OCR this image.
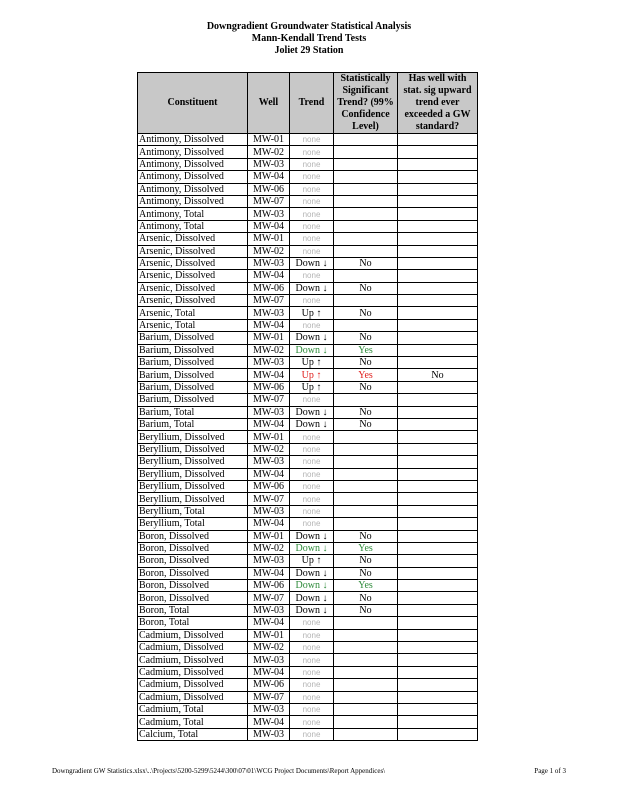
Downgradient Groundwater Statistical Analysis
Mann-Kendall Trend Tests
Joliet 29 Station
Constituent	Well	Trend	Statistically Significant Trend? (99% Confidence Level)	Has well with stat. sig upward trend ever exceeded a GW standard?
Antimony, Dissolved	MW-01	none		
Antimony, Dissolved	MW-02	none		
Antimony, Dissolved	MW-03	none		
Antimony, Dissolved	MW-04	none		
Antimony, Dissolved	MW-06	none		
Antimony, Dissolved	MW-07	none		
Antimony, Total	MW-03	none		
Antimony, Total	MW-04	none		
Arsenic, Dissolved	MW-01	none		
Arsenic, Dissolved	MW-02	none		
Arsenic, Dissolved	MW-03	Down ↓	No	
Arsenic, Dissolved	MW-04	none		
Arsenic, Dissolved	MW-06	Down ↓	No	
Arsenic, Dissolved	MW-07	none		
Arsenic, Total	MW-03	Up ↑	No	
Arsenic, Total	MW-04	none		
Barium, Dissolved	MW-01	Down ↓	No	
Barium, Dissolved	MW-02	Down ↓	Yes	
Barium, Dissolved	MW-03	Up ↑	No	
Barium, Dissolved	MW-04	Up ↑	Yes	No
Barium, Dissolved	MW-06	Up ↑	No	
Barium, Dissolved	MW-07	none		
Barium, Total	MW-03	Down ↓	No	
Barium, Total	MW-04	Down ↓	No	
Beryllium, Dissolved	MW-01	none		
Beryllium, Dissolved	MW-02	none		
Beryllium, Dissolved	MW-03	none		
Beryllium, Dissolved	MW-04	none		
Beryllium, Dissolved	MW-06	none		
Beryllium, Dissolved	MW-07	none		
Beryllium, Total	MW-03	none		
Beryllium, Total	MW-04	none		
Boron, Dissolved	MW-01	Down ↓	No	
Boron, Dissolved	MW-02	Down ↓	Yes	
Boron, Dissolved	MW-03	Up ↑	No	
Boron, Dissolved	MW-04	Down ↓	No	
Boron, Dissolved	MW-06	Down ↓	Yes	
Boron, Dissolved	MW-07	Down ↓	No	
Boron, Total	MW-03	Down ↓	No	
Boron, Total	MW-04	none		
Cadmium, Dissolved	MW-01	none		
Cadmium, Dissolved	MW-02	none		
Cadmium, Dissolved	MW-03	none		
Cadmium, Dissolved	MW-04	none		
Cadmium, Dissolved	MW-06	none		
Cadmium, Dissolved	MW-07	none		
Cadmium, Total	MW-03	none		
Cadmium, Total	MW-04	none		
Calcium, Total	MW-03	none		
Downgradient GW Statistics.xlsx\..\Projects\5200-5299\5244\300\07\01\WCG Project Documents\Report Appendices\	Page 1 of 3
